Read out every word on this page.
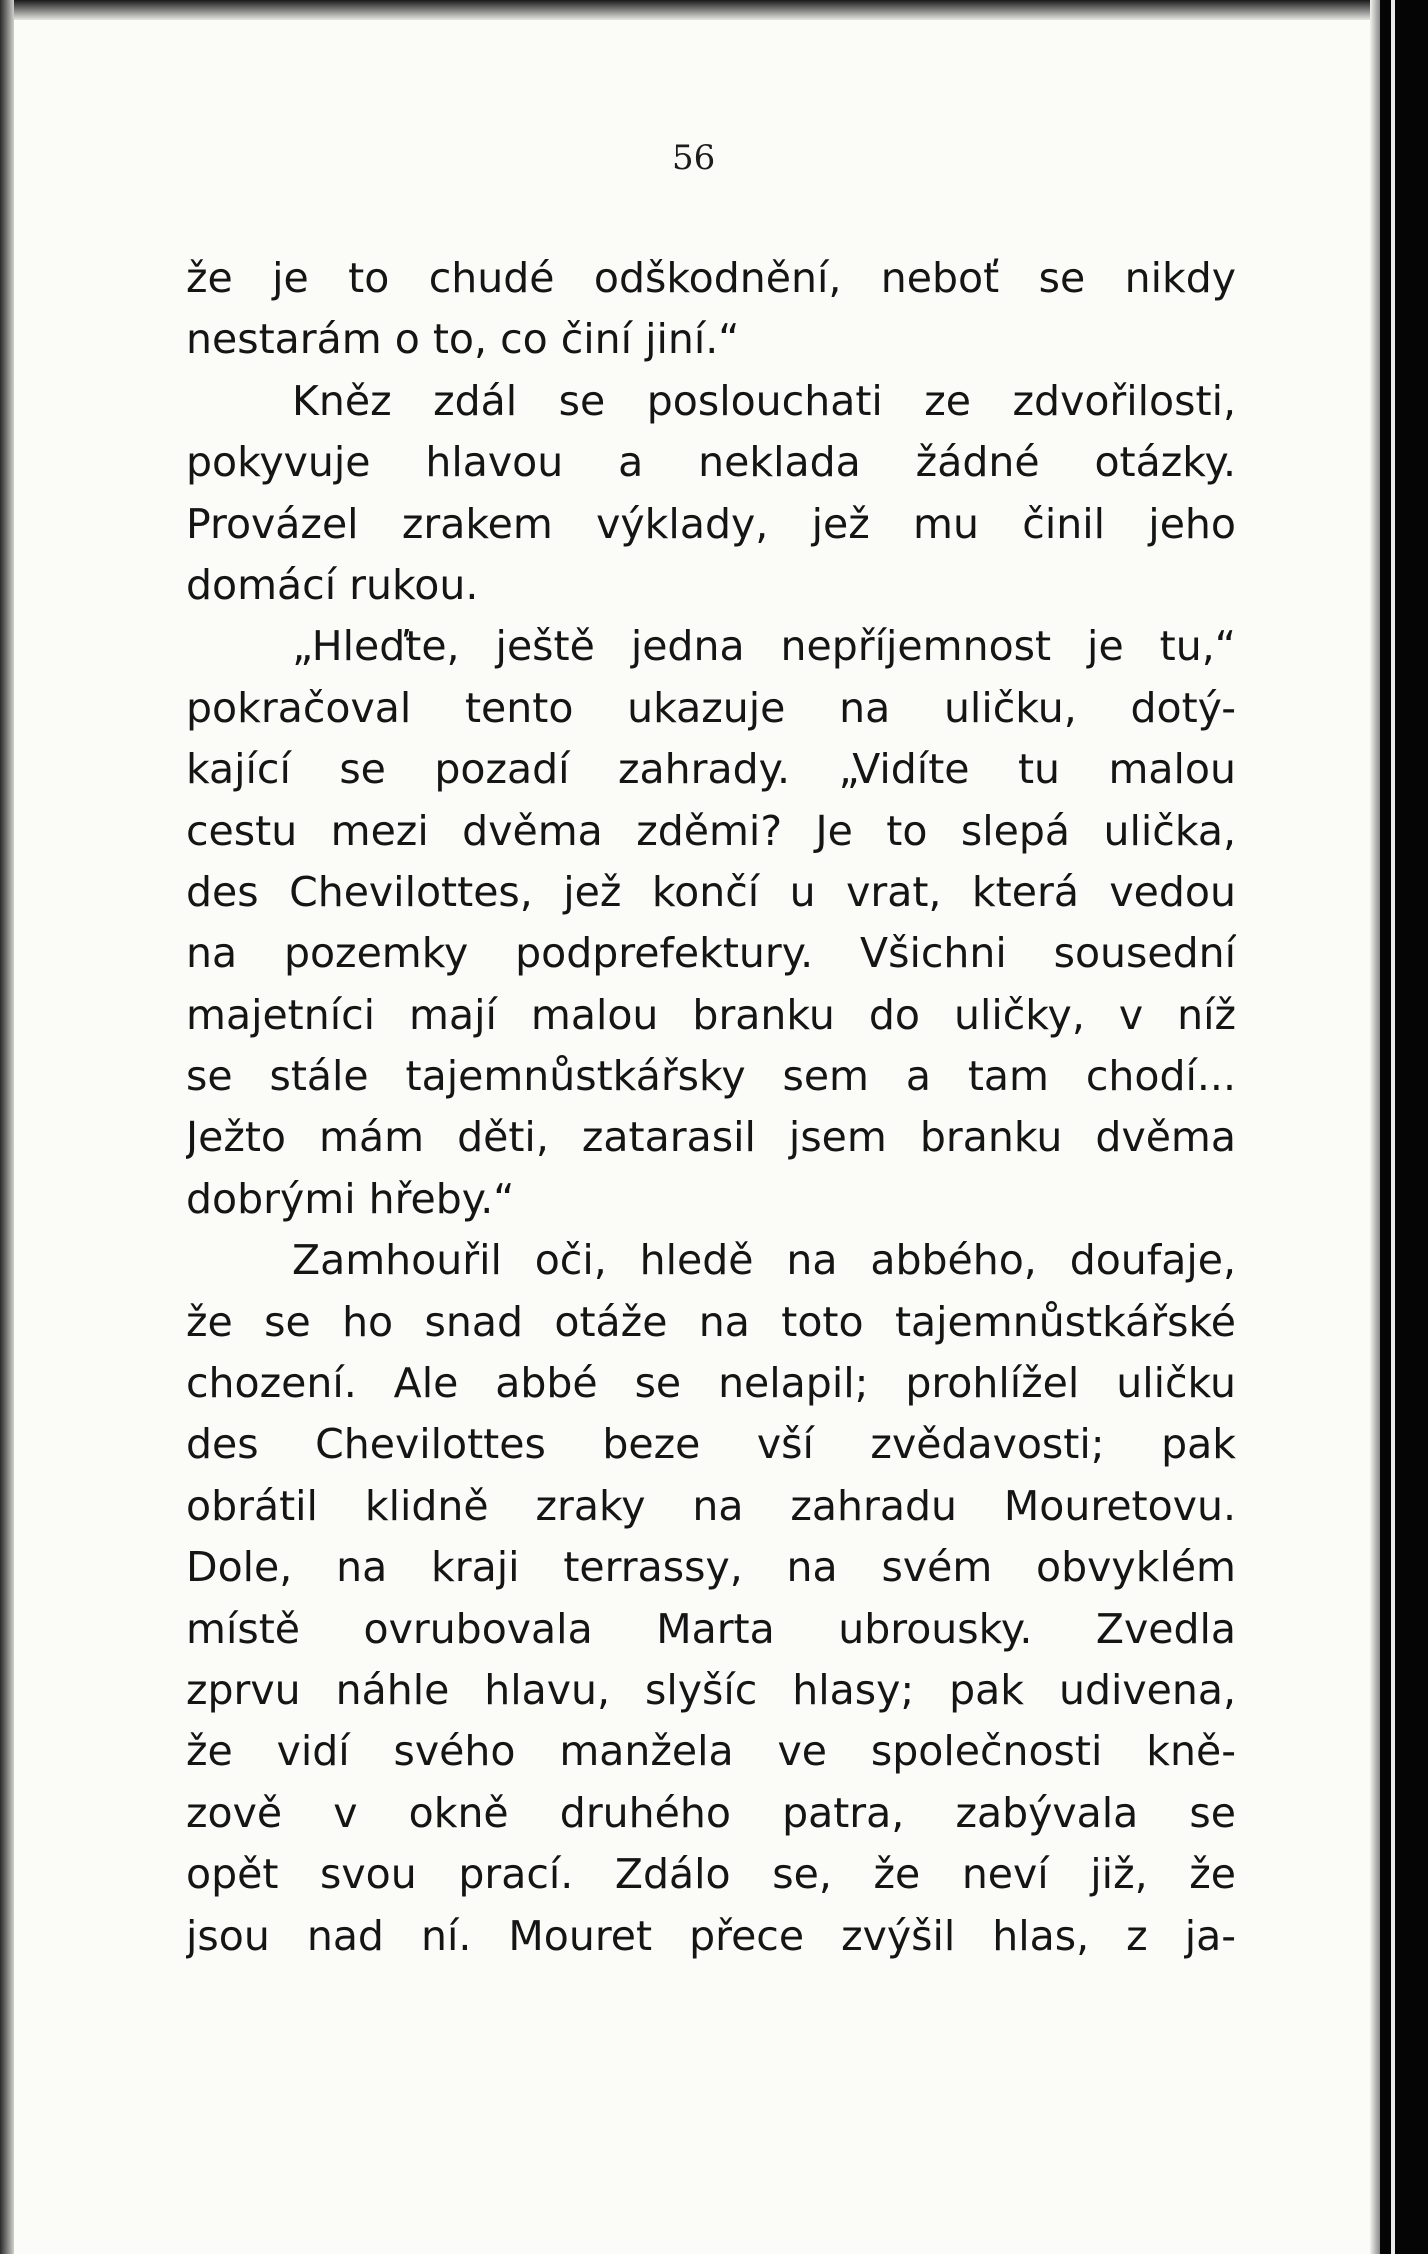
56
že je to chudé odškodnění, neboť se nikdy
nestarám o to, co činí jiní.“
Kněz zdál se poslouchati ze zdvořilosti,
pokyvuje hlavou a neklada žádné otázky.
Provázel zrakem výklady, jež mu činil jeho
domácí rukou.
„Hleďte, ještě jedna nepříjemnost je tu,“
pokračoval tento ukazuje na uličku, dotý-
kající se pozadí zahrady. „Vidíte tu malou
cestu mezi dvěma zděmi? Je to slepá ulička,
des Chevilottes, jež končí u vrat, která vedou
na pozemky podprefektury. Všichni sousední
majetníci mají malou branku do uličky, v níž
se stále tajemnůstkářsky sem a tam chodí...
Ježto mám děti, zatarasil jsem branku dvěma
dobrými hřeby.“
Zamhouřil oči, hledě na abbého, doufaje,
že se ho snad otáže na toto tajemnůstkářské
chození. Ale abbé se nelapil; prohlížel uličku
des Chevilottes beze vší zvědavosti; pak
obrátil klidně zraky na zahradu Mouretovu.
Dole, na kraji terrassy, na svém obvyklém
místě ovrubovala Marta ubrousky. Zvedla
zprvu náhle hlavu, slyšíc hlasy; pak udivena,
že vidí svého manžela ve společnosti kně-
zově v okně druhého patra, zabývala se
opět svou prací. Zdálo se, že neví již, že
jsou nad ní. Mouret přece zvýšil hlas, z ja-
